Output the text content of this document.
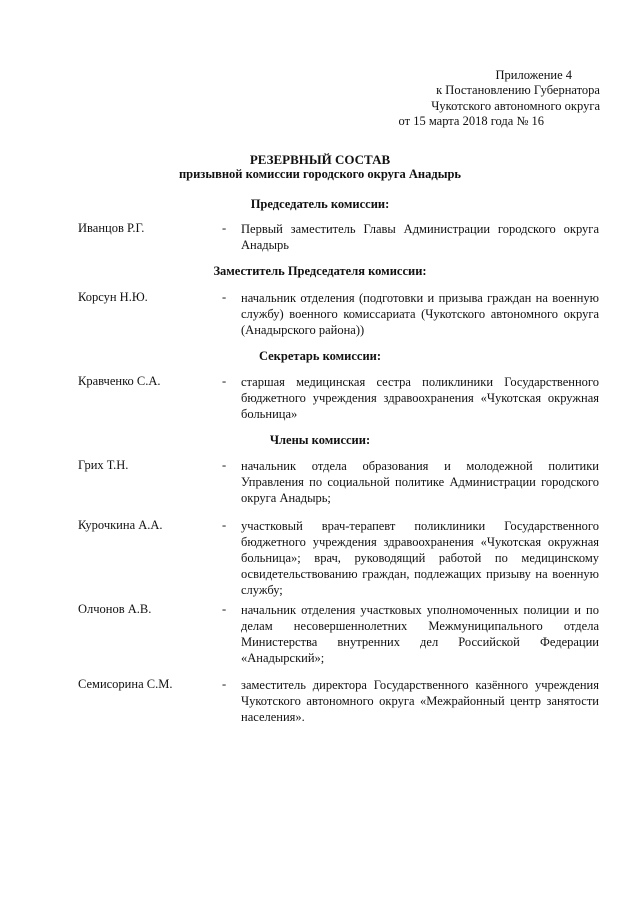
Приложение 4
к Постановлению Губернатора
Чукотского автономного округа
от 15 марта 2018 года № 16
РЕЗЕРВНЫЙ СОСТАВ
призывной комиссии городского округа Анадырь
Председатель комиссии:
Иванцов Р.Г.	- Первый заместитель Главы Администрации городского округа Анадырь
Заместитель Председателя комиссии:
Корсун Н.Ю.	- начальник отделения (подготовки и призыва граждан на военную службу) военного комиссариата (Чукотского автономного округа (Анадырского района))
Секретарь комиссии:
Кравченко С.А.	- старшая медицинская сестра поликлиники Государственного бюджетного учреждения здравоохранения «Чукотская окружная больница»
Члены комиссии:
Грих Т.Н.	- начальник отдела образования и молодежной политики Управления по социальной политике Администрации городского округа Анадырь;
Курочкина А.А.	- участковый врач-терапевт поликлиники Государственного бюджетного учреждения здравоохранения «Чукотская окружная больница»; врач, руководящий работой по медицинскому освидетельствованию граждан, подлежащих призыву на военную службу;
Олчонов А.В.	- начальник отделения участковых уполномоченных полиции и по делам несовершеннолетних Межмуниципального отдела Министерства внутренних дел Российской Федерации «Анадырский»;
Семисорина С.М.	- заместитель директора Государственного казённого учреждения Чукотского автономного округа «Межрайонный центр занятости населения».
